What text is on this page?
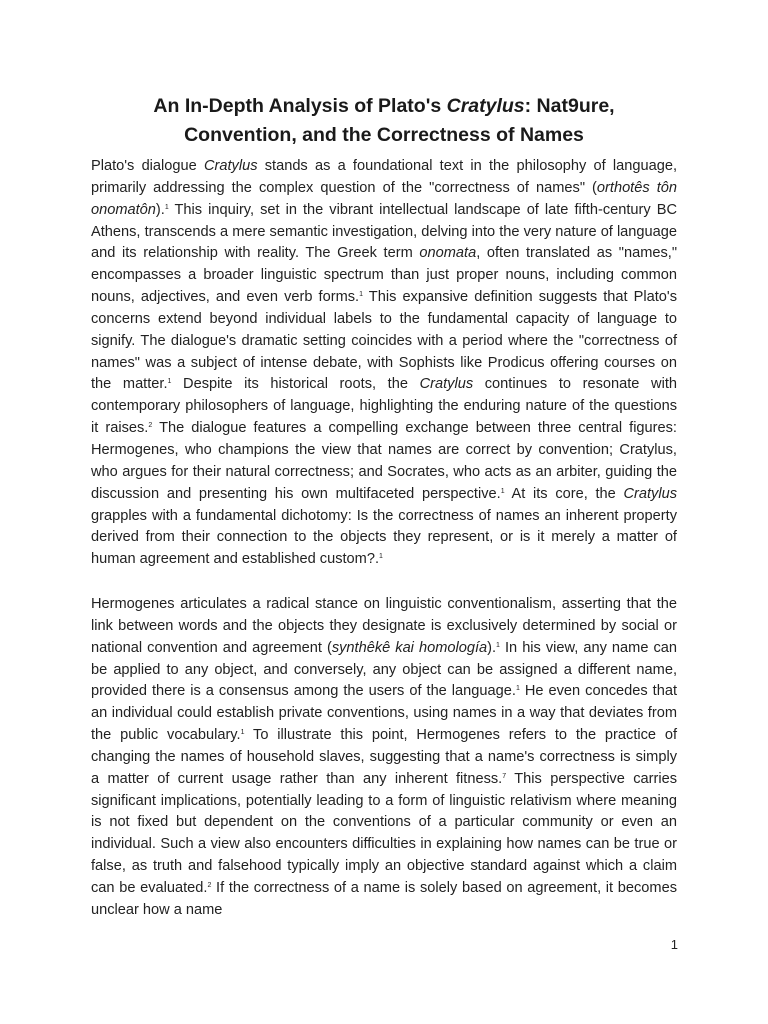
An In-Depth Analysis of Plato's Cratylus: Nat9ure,
Convention, and the Correctness of Names

Plato's dialogue Cratylus stands as a foundational text in the philosophy of language, primarily addressing the complex question of the "correctness of names" (orthotês tôn onomatôn).$^1$ This inquiry, set in the vibrant intellectual landscape of late fifth-century BC Athens, transcends a mere semantic investigation, delving into the very nature of language and its relationship with reality. The Greek term onomata, often translated as "names," encompasses a broader linguistic spectrum than just proper nouns, including common nouns, adjectives, and even verb forms.$^1$ This expansive definition suggests that Plato's concerns extend beyond individual labels to the fundamental capacity of language to signify. The dialogue's dramatic setting coincides with a period where the "correctness of names" was a subject of intense debate, with Sophists like Prodicus offering courses on the matter.$^1$ Despite its historical roots, the Cratylus continues to resonate with contemporary philosophers of language, highlighting the enduring nature of the questions it raises.$^2$ The dialogue features a compelling exchange between three central figures: Hermogenes, who champions the view that names are correct by convention; Cratylus, who argues for their natural correctness; and Socrates, who acts as an arbiter, guiding the discussion and presenting his own multifaceted perspective.$^1$ At its core, the Cratylus grapples with a fundamental dichotomy: Is the correctness of names an inherent property derived from their connection to the objects they represent, or is it merely a matter of human agreement and established custom?.$^1$

Hermogenes articulates a radical stance on linguistic conventionalism, asserting that the link between words and the objects they designate is exclusively determined by social or national convention and agreement (synthêkê kai homología).$^1$ In his view, any name can be applied to any object, and conversely, any object can be assigned a different name, provided there is a consensus among the users of the language.$^1$ He even concedes that an individual could establish private conventions, using names in a way that deviates from the public vocabulary.$^1$ To illustrate this point, Hermogenes refers to the practice of changing the names of household slaves, suggesting that a name's correctness is simply a matter of current usage rather than any inherent fitness.$^7$ This perspective carries significant implications, potentially leading to a form of linguistic relativism where meaning is not fixed but dependent on the conventions of a particular community or even an individual. Such a view also encounters difficulties in explaining how names can be true or false, as truth and falsehood typically imply an objective standard against which a claim can be evaluated.$^2$ If the correctness of a name is solely based on agreement, it becomes unclear how a name

1
